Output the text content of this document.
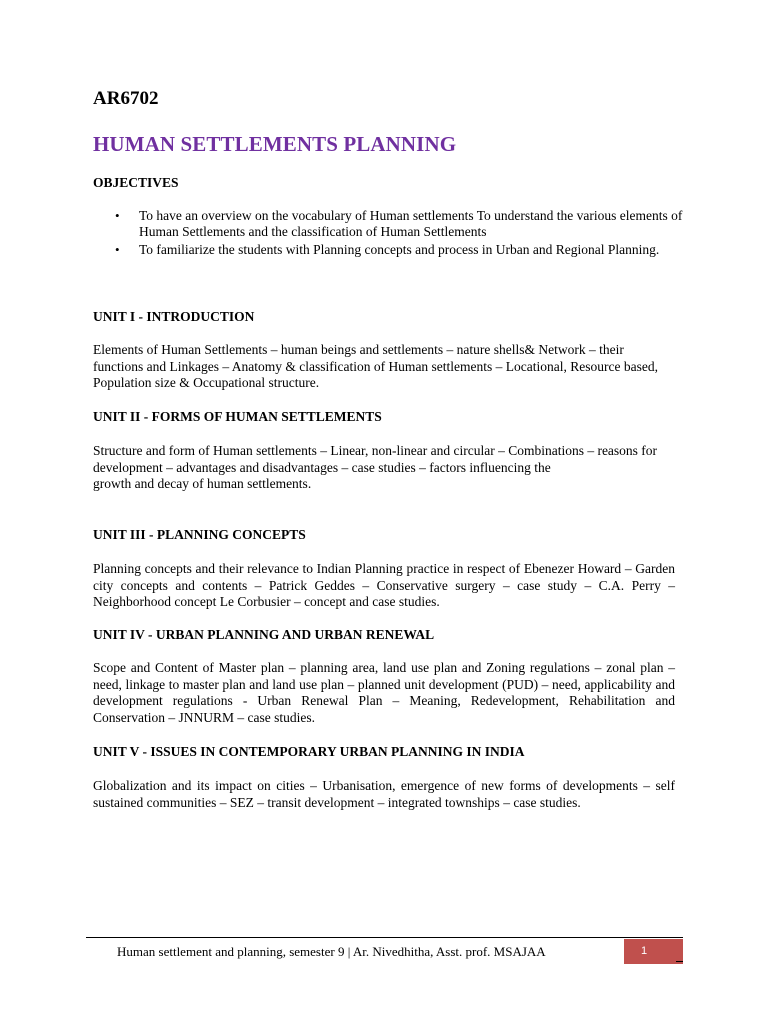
AR6702
HUMAN SETTLEMENTS PLANNING
OBJECTIVES
• To have an overview on the vocabulary of Human settlements To understand the various elements of Human Settlements and the classification of Human Settlements
• To familiarize the students with Planning concepts and process in Urban and Regional Planning.
UNIT I - INTRODUCTION

Elements of Human Settlements – human beings and settlements – nature shells& Network – their functions and Linkages – Anatomy & classification of Human settlements – Locational, Resource based, Population size & Occupational structure.

UNIT II - FORMS OF HUMAN SETTLEMENTS

Structure and form of Human settlements – Linear, non-linear and circular – Combinations – reasons for development – advantages and disadvantages – case studies – factors influencing the
growth and decay of human settlements.

UNIT III - PLANNING CONCEPTS

Planning concepts and their relevance to Indian Planning practice in respect of Ebenezer Howard – Garden city concepts and contents – Patrick Geddes – Conservative surgery – case study – C.A. Perry – Neighborhood concept Le Corbusier – concept and case studies.

UNIT IV - URBAN PLANNING AND URBAN RENEWAL

Scope and Content of Master plan – planning area, land use plan and Zoning regulations – zonal plan – need, linkage to master plan and land use plan – planned unit development (PUD) – need, applicability and development regulations - Urban Renewal Plan – Meaning, Redevelopment, Rehabilitation and Conservation – JNNURM – case studies.

UNIT V - ISSUES IN CONTEMPORARY URBAN PLANNING IN INDIA

Globalization and its impact on cities – Urbanisation, emergence of new forms of developments – self sustained communities – SEZ – transit development – integrated townships – case studies.

Human settlement and planning, semester 9 | Ar. Nivedhitha, Asst. prof. MSAJAA	1
